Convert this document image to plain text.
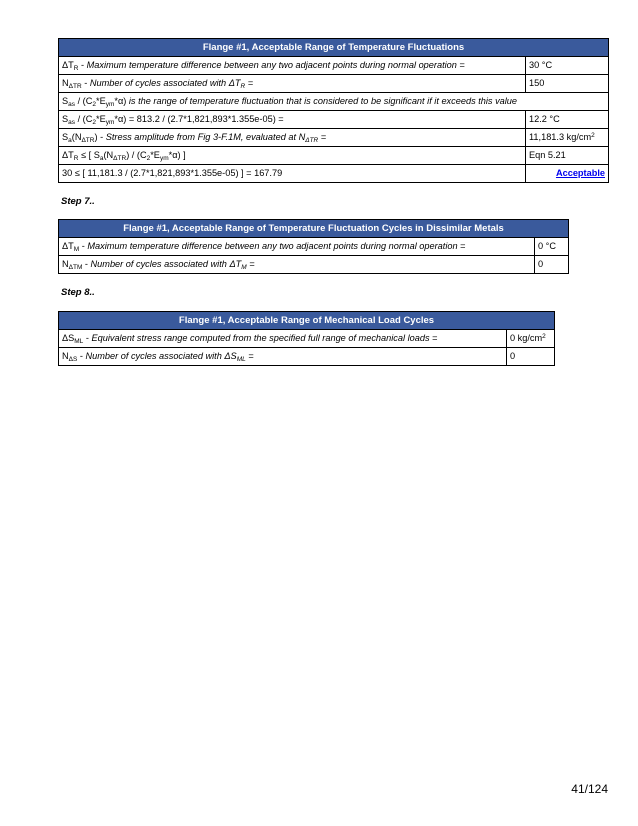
Flange #1, Acceptable Range of Temperature Fluctuations	
$\Delta T_R$ - Maximum temperature difference between any two adjacent points during normal operation =	30 °C
$N_{\Delta TR}$ - Number of cycles associated with $\Delta T_R$ =	150
$S_{as} / (C_2*E_{ym}*\alpha)$ is the range of temperature fluctuation that is considered to be significant if it exceeds this value	
$S_{as} / (C_2*E_{ym}*\alpha) = 813.2 / (2.7*1,821,893*1.355e-05)$ =	12.2 °C
$S_a(N_{\Delta TR})$ - Stress amplitude from Fig 3-F.1M, evaluated at $N_{\Delta TR}$ =	11,181.3 $kg/cm^2$
$\Delta T_R$ ≤ [ $S_a(N_{\Delta TR}) / (C_2*E_{ym}*\alpha)$ ]	Eqn 5.21
30 ≤ [ 11,181.3 / (2.7*1,821,893*1.355e-05) ] = 167.79	Acceptable
Step 7..
Flange #1, Acceptable Range of Temperature Fluctuation Cycles in Dissimilar Metals	
$\Delta T_M$ - Maximum temperature difference between any two adjacent points during normal operation =	0 °C
$N_{\Delta TM}$ - Number of cycles associated with $\Delta T_M$ =	0
Step 8..
Flange #1, Acceptable Range of Mechanical Load Cycles	
$\Delta S_{ML}$ - Equivalent stress range computed from the specified full range of mechanical loads =	0 $kg/cm^2$
$N_{\Delta S}$ - Number of cycles associated with $\Delta S_{ML}$ =	0
41/124
